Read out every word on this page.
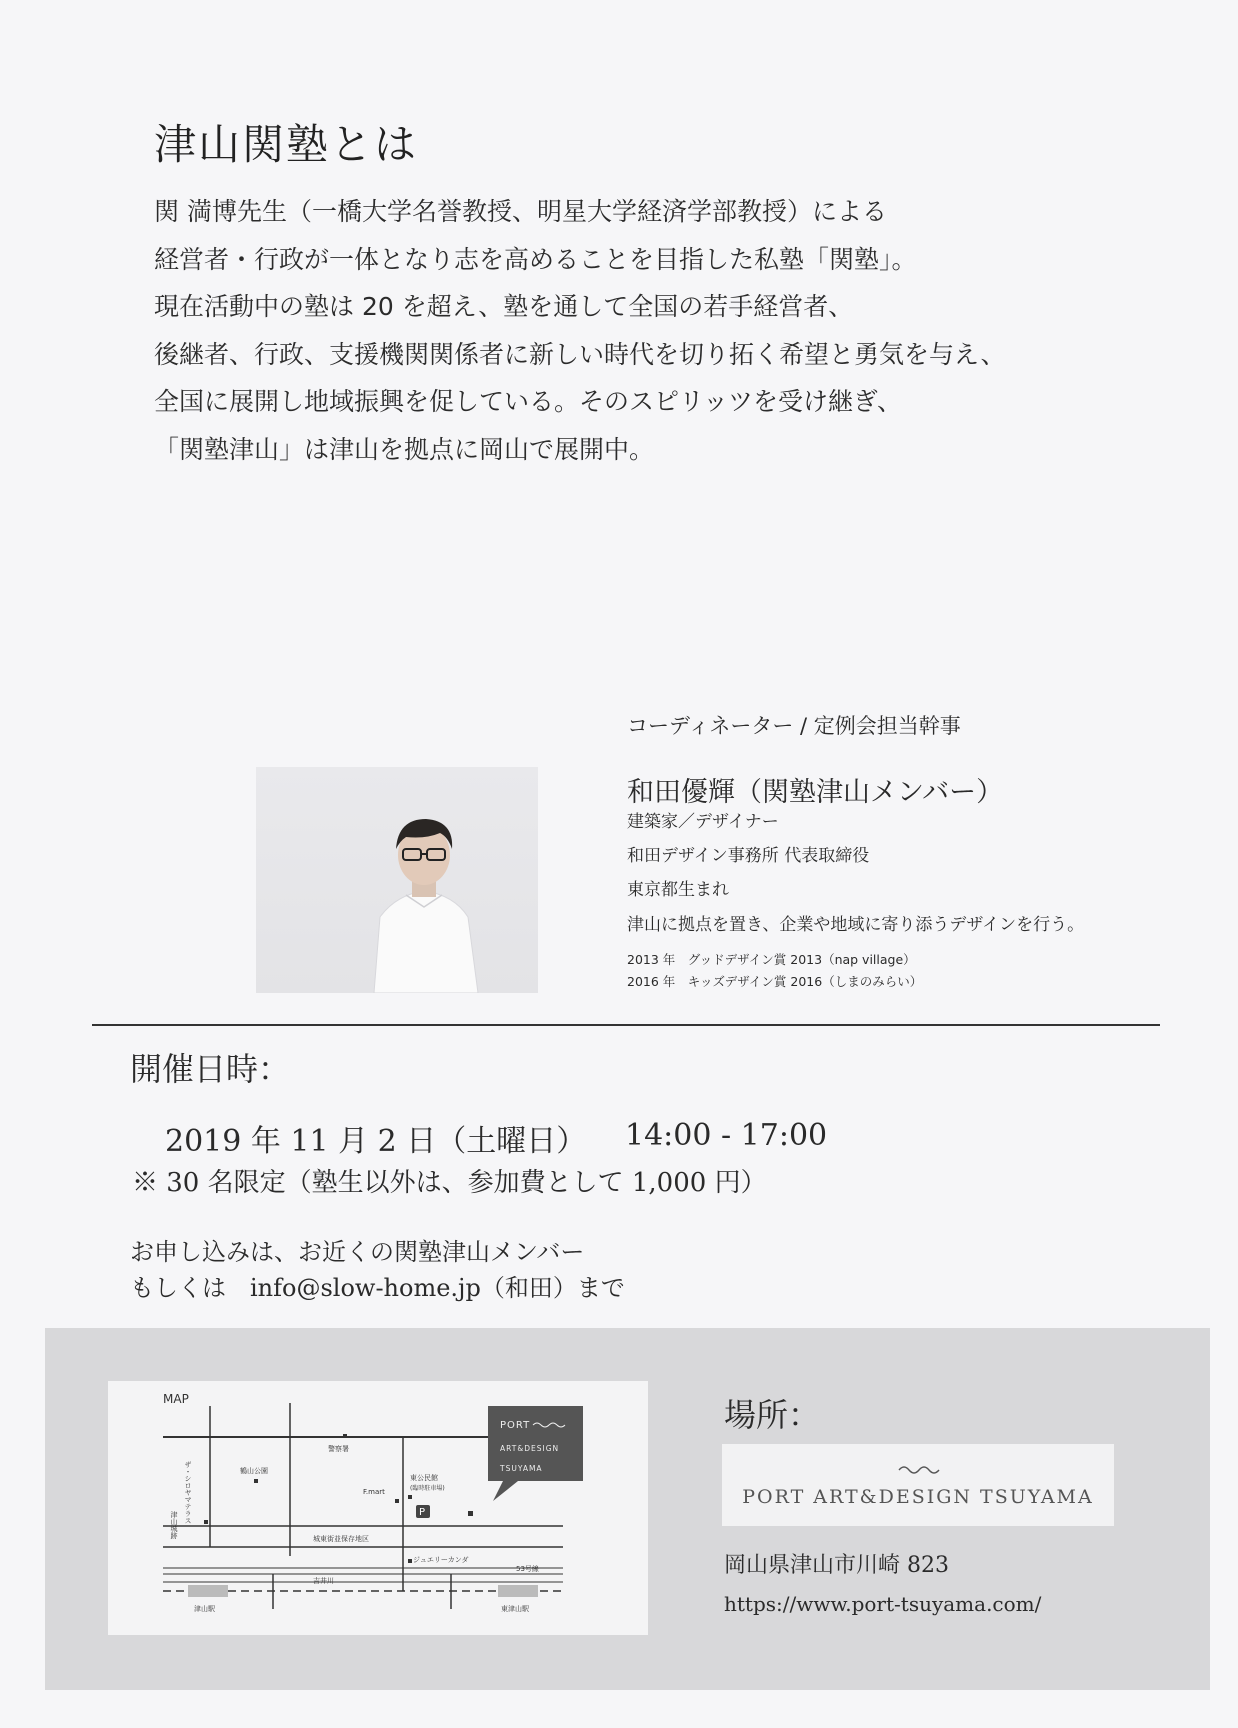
津山関塾とは
関 満博先生（一橋大学名誉教授、明星大学経済学部教授）による
経営者・行政が一体となり志を高めることを目指した私塾「関塾」。
現在活動中の塾は 20 を超え、塾を通して全国の若手経営者、
後継者、行政、支援機関関係者に新しい時代を切り拓く希望と勇気を与え、
全国に展開し地域振興を促している。そのスピリッツを受け継ぎ、
「関塾津山」は津山を拠点に岡山で展開中。
コーディネーター / 定例会担当幹事
和田優輝（関塾津山メンバー）
建築家／デザイナー
和田デザイン事務所 代表取締役
東京都生まれ
津山に拠点を置き、企業や地域に寄り添うデザインを行う。
2013 年　グッドデザイン賞 2013（nap village）
2016 年　キッズデザイン賞 2016（しまのみらい）
開催日時：
2019 年 11 月 2 日（土曜日） 14:00 - 17:00
※ 30 名限定（塾生以外は、参加費として 1,000 円）
お申し込みは、お近くの関塾津山メンバー
もしくは　info@slow-home.jp（和田）まで
MAP
PORT
ART&DESIGN
TSUYAMA
警察署
鶴山公園
ザ・シロヤマテラス
津山城跡
F.mart
東公民館
(臨時駐車場)
P
城東街並保存地区
ジュエリーカンダ
53号線
吉井川
津山駅	東津山駅
場所：
PORT ART&DESIGN TSUYAMA
岡山県津山市川崎 823
https://www.port-tsuyama.com/
